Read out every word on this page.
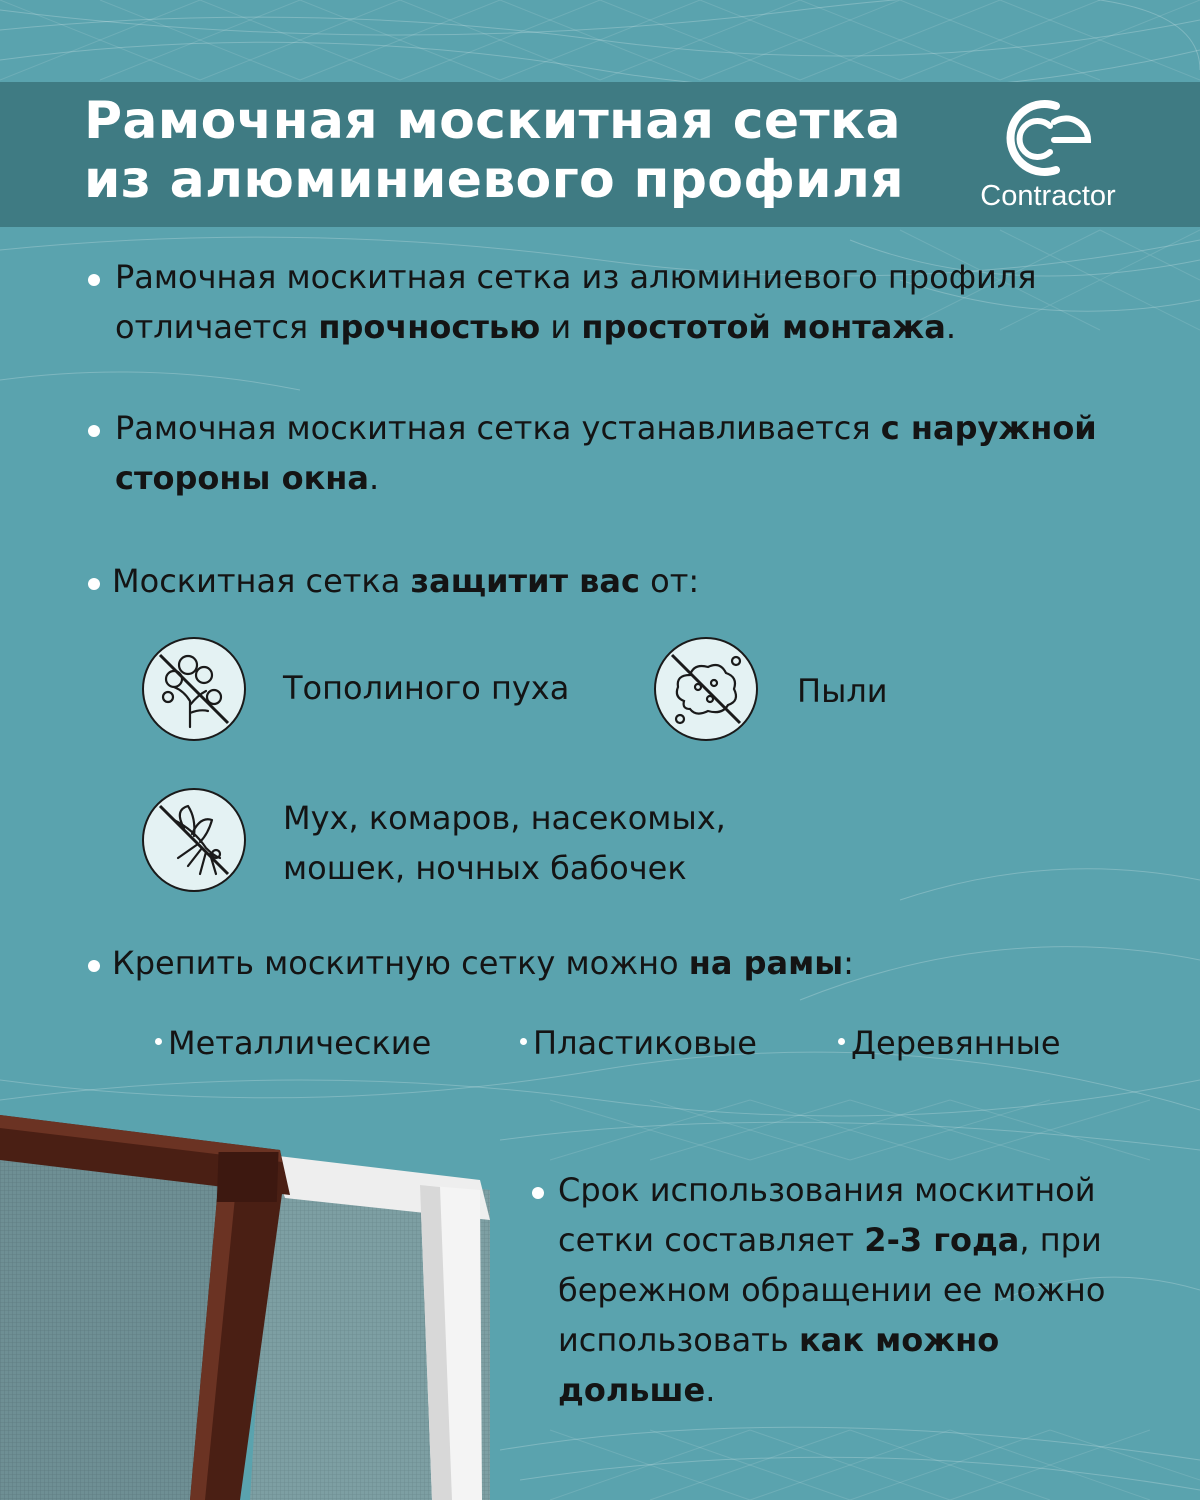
Рамочная москитная сетка
из алюминиевого профиля	Contractor

Рамочная москитная сетка из алюминиевого профиля
отличается прочностью и простотой монтажа.

Рамочная москитная сетка устанавливается с наружной
стороны окна.

Москитная сетка защитит вас от:

Тополиного пуха	Пыли
Мух, комаров, насекомых,
мошек, ночных бабочек

Крепить москитную сетку можно на рамы:

Металлические	Пластиковые	Деревянные

Срок использования москитной
сетки составляет 2-3 года, при
бережном обращении ее можно
использовать как можно
дольше.
